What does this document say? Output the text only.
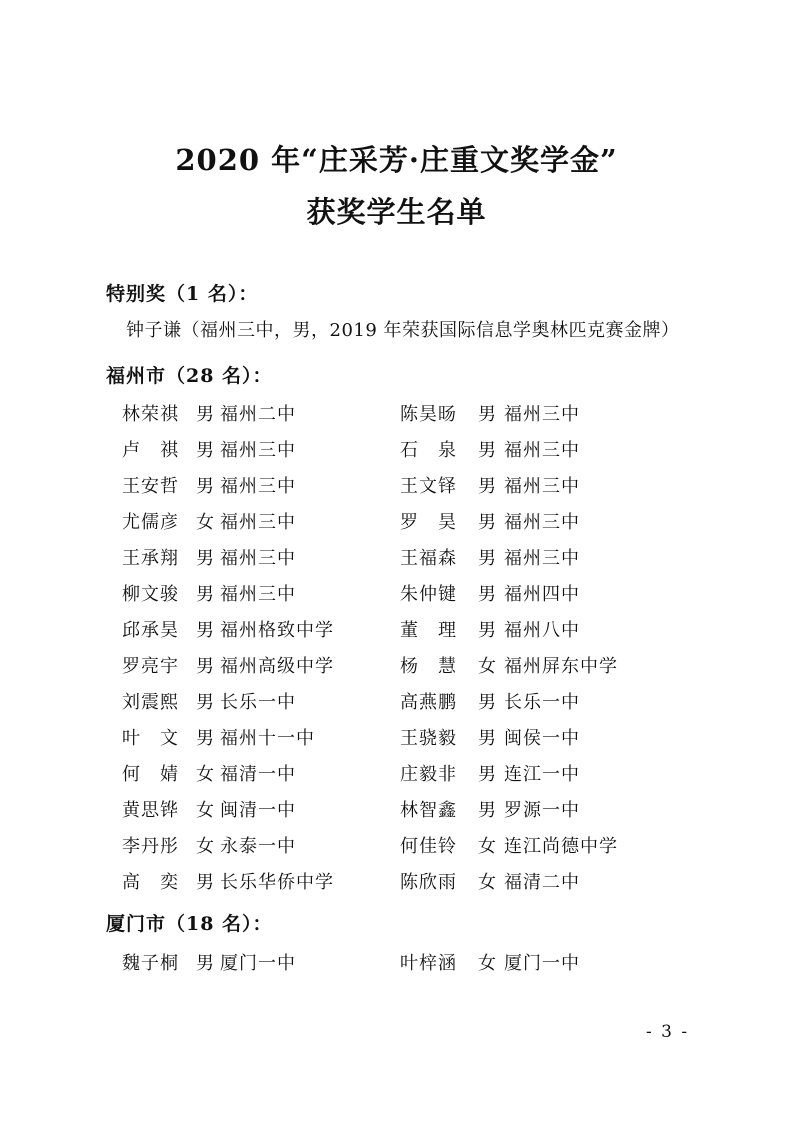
2020 年“庄采芳·庄重文奖学金”
获奖学生名单
特别奖（1 名）：
钟子谦（福州三中，男，2019 年荣获国际信息学奥林匹克赛金牌）
福州市（28 名）：
林荣祺 男 福州二中	陈昊旸	男 福州三中
卢　祺 男 福州三中	石　泉	男 福州三中
王安哲 男 福州三中	王文铎	男 福州三中
尤儒彦 女 福州三中	罗　昊	男 福州三中
王承翔 男 福州三中	王福森	男 福州三中
柳文骏 男 福州三中	朱仲键	男 福州四中
邱承昊 男 福州格致中学	董　理	男 福州八中
罗亮宇 男 福州高级中学	杨　慧	女 福州屏东中学
刘震熙 男 长乐一中	高燕鹏	男 长乐一中
叶　文 男 福州十一中	王骁毅	男 闽侯一中
何　婧 女 福清一中	庄毅非	男 连江一中
黄思铧 女 闽清一中	林智鑫	男 罗源一中
李丹彤 女 永泰一中	何佳铃	女 连江尚德中学
高　奕 男 长乐华侨中学	陈欣雨	女 福清二中
厦门市（18 名）：
魏子桐 男 厦门一中	叶梓涵	女 厦门一中
- 3 -
